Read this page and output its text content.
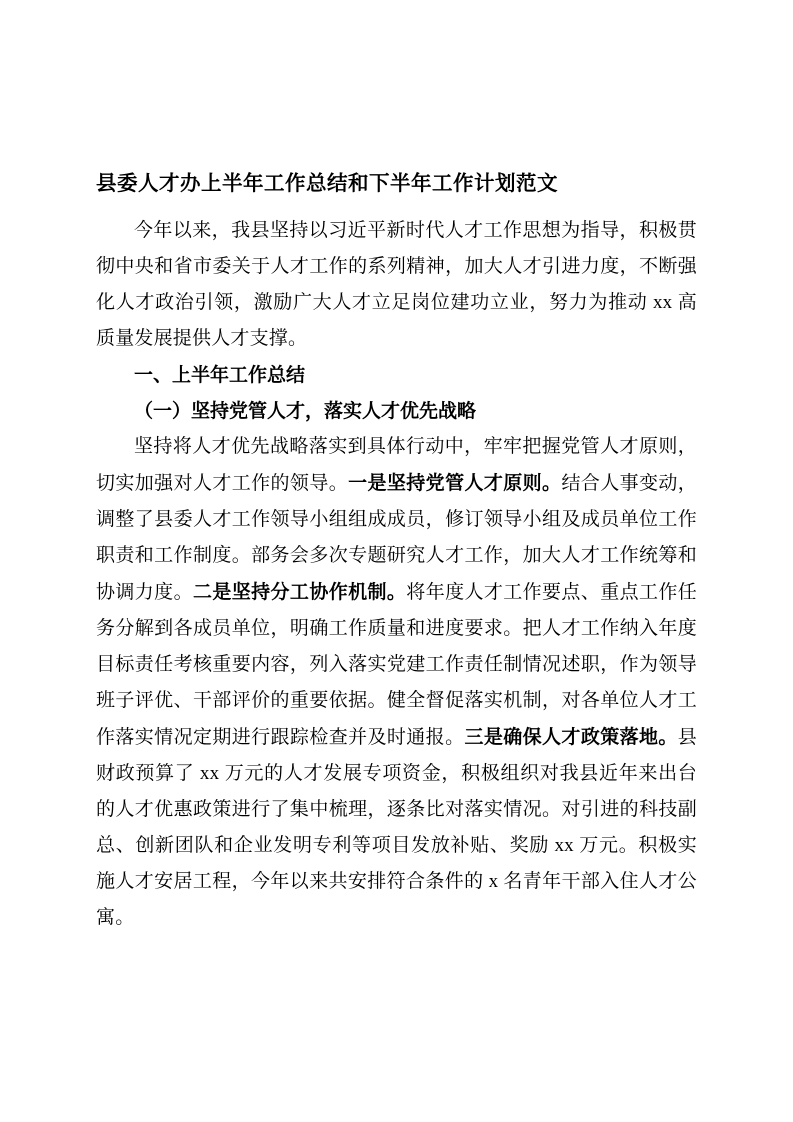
县委人才办上半年工作总结和下半年工作计划范文

今年以来，我县坚持以习近平新时代人才工作思想为指导，积极贯彻中央和省市委关于人才工作的系列精神，加大人才引进力度，不断强化人才政治引领，激励广大人才立足岗位建功立业，努力为推动 xx 高质量发展提供人才支撑。

一、上半年工作总结

（一）坚持党管人才，落实人才优先战略

坚持将人才优先战略落实到具体行动中，牢牢把握党管人才原则，切实加强对人才工作的领导。一是坚持党管人才原则。结合人事变动，调整了县委人才工作领导小组组成成员，修订领导小组及成员单位工作职责和工作制度。部务会多次专题研究人才工作，加大人才工作统筹和协调力度。二是坚持分工协作机制。将年度人才工作要点、重点工作任务分解到各成员单位，明确工作质量和进度要求。把人才工作纳入年度目标责任考核重要内容，列入落实党建工作责任制情况述职，作为领导班子评优、干部评价的重要依据。健全督促落实机制，对各单位人才工作落实情况定期进行跟踪检查并及时通报。三是确保人才政策落地。县财政预算了 xx 万元的人才发展专项资金，积极组织对我县近年来出台的人才优惠政策进行了集中梳理，逐条比对落实情况。对引进的科技副总、创新团队和企业发明专利等项目发放补贴、奖励 xx 万元。积极实施人才安居工程，今年以来共安排符合条件的 x 名青年干部入住人才公寓。
